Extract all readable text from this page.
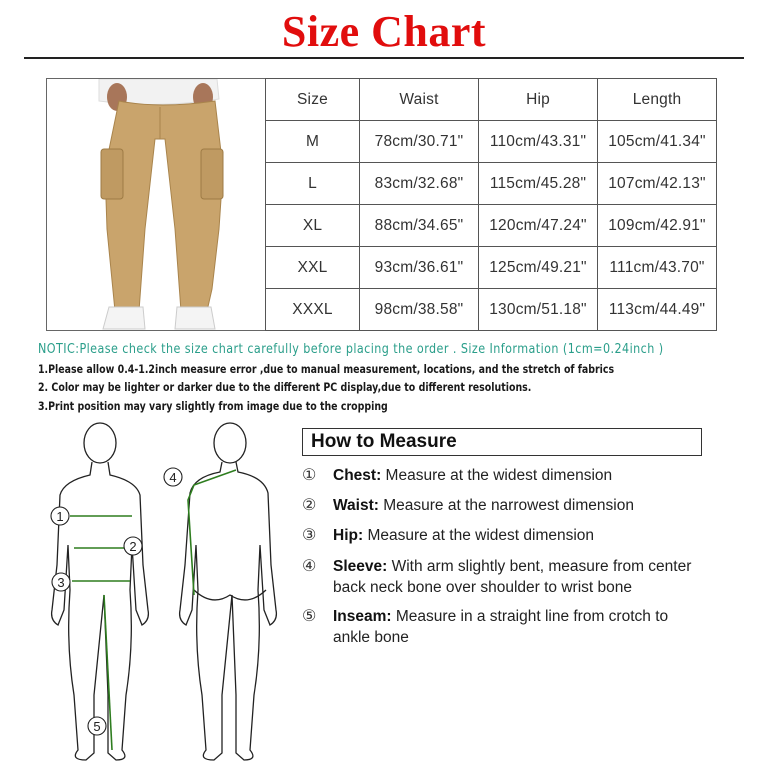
Size Chart
Size	Waist	Hip	Length
M	78cm/30.71"	110cm/43.31"	105cm/41.34"
L	83cm/32.68"	115cm/45.28"	107cm/42.13"
XL	88cm/34.65"	120cm/47.24"	109cm/42.91"
XXL	93cm/36.61"	125cm/49.21"	111cm/43.70"
XXXL	98cm/38.58"	130cm/51.18"	113cm/44.49"
NOTIC:Please check the size chart carefully before placing the order . Size Information (1cm=0.24inch )
1.Please allow 0.4-1.2inch measure error ,due to manual measurement, locations, and the stretch of fabrics
2. Color may be lighter or darker due to the different PC display,due to different resolutions.
3.Print position may vary slightly from image due to the cropping
1
2
3
4
5
How to Measure
① Chest: Measure at the widest dimension
② Waist: Measure at the narrowest dimension
③ Hip: Measure at the widest dimension
④ Sleeve: With arm slightly bent, measure from center back neck bone over shoulder to wrist bone
⑤ Inseam: Measure in a straight line from crotch to ankle bone
